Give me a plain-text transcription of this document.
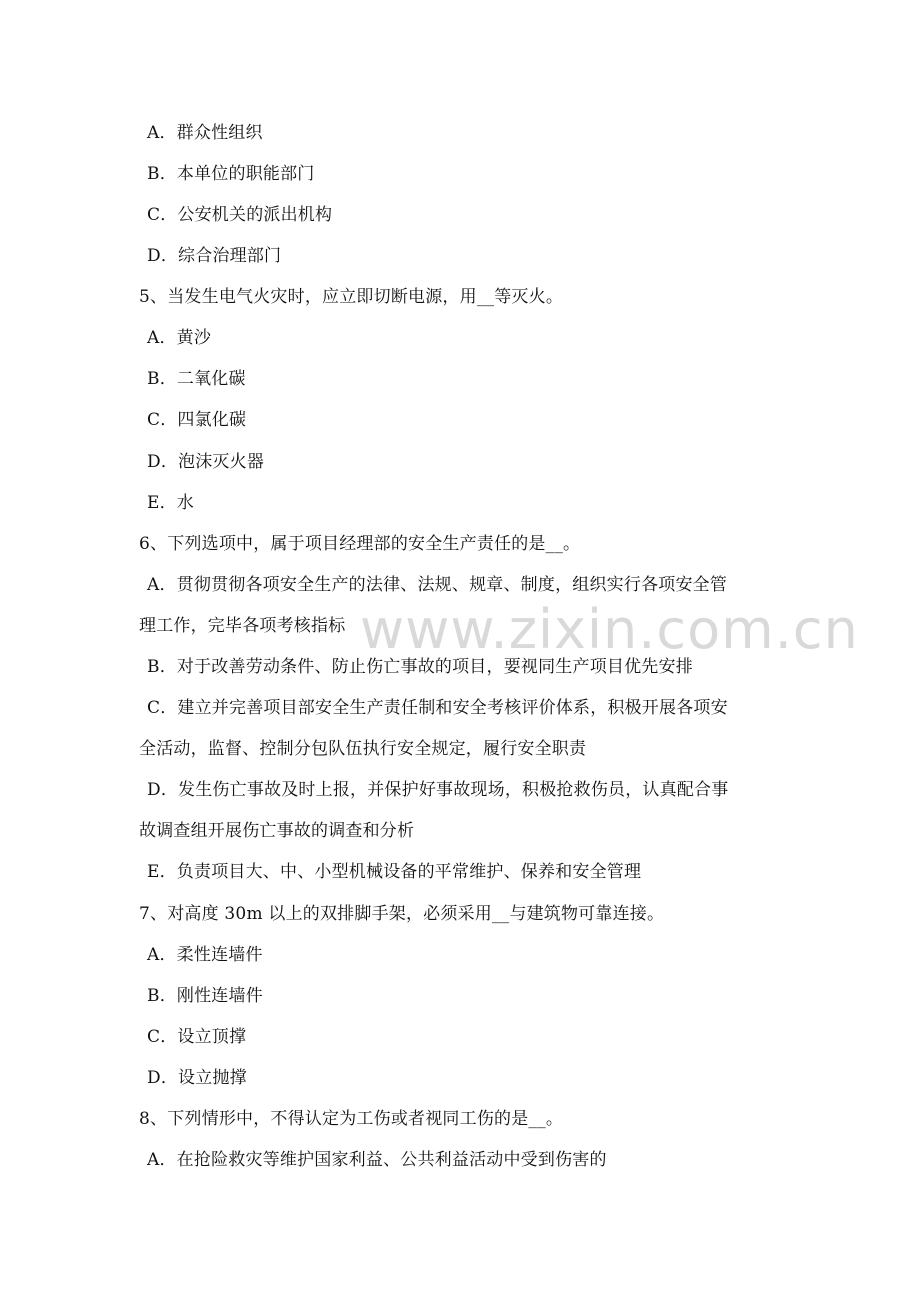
www.zixin.com.cn
A．群众性组织
B．本单位的职能部门
C．公安机关的派出机构
D．综合治理部门
5、当发生电气火灾时，应立即切断电源，用__等灭火。
A．黄沙
B．二氧化碳
C．四氯化碳
D．泡沫灭火器
E．水
6、下列选项中，属于项目经理部的安全生产责任的是__。
A．贯彻贯彻各项安全生产的法律、法规、规章、制度，组织实行各项安全管
理工作，完毕各项考核指标
B．对于改善劳动条件、防止伤亡事故的项目，要视同生产项目优先安排
C．建立并完善项目部安全生产责任制和安全考核评价体系，积极开展各项安
全活动，监督、控制分包队伍执行安全规定，履行安全职责
D．发生伤亡事故及时上报，并保护好事故现场，积极抢救伤员，认真配合事
故调查组开展伤亡事故的调查和分析
E．负责项目大、中、小型机械设备的平常维护、保养和安全管理
7、对高度 30m 以上的双排脚手架，必须采用__与建筑物可靠连接。
A．柔性连墙件
B．刚性连墙件
C．设立顶撑
D．设立抛撑
8、下列情形中，不得认定为工伤或者视同工伤的是__。
A．在抢险救灾等维护国家利益、公共利益活动中受到伤害的
